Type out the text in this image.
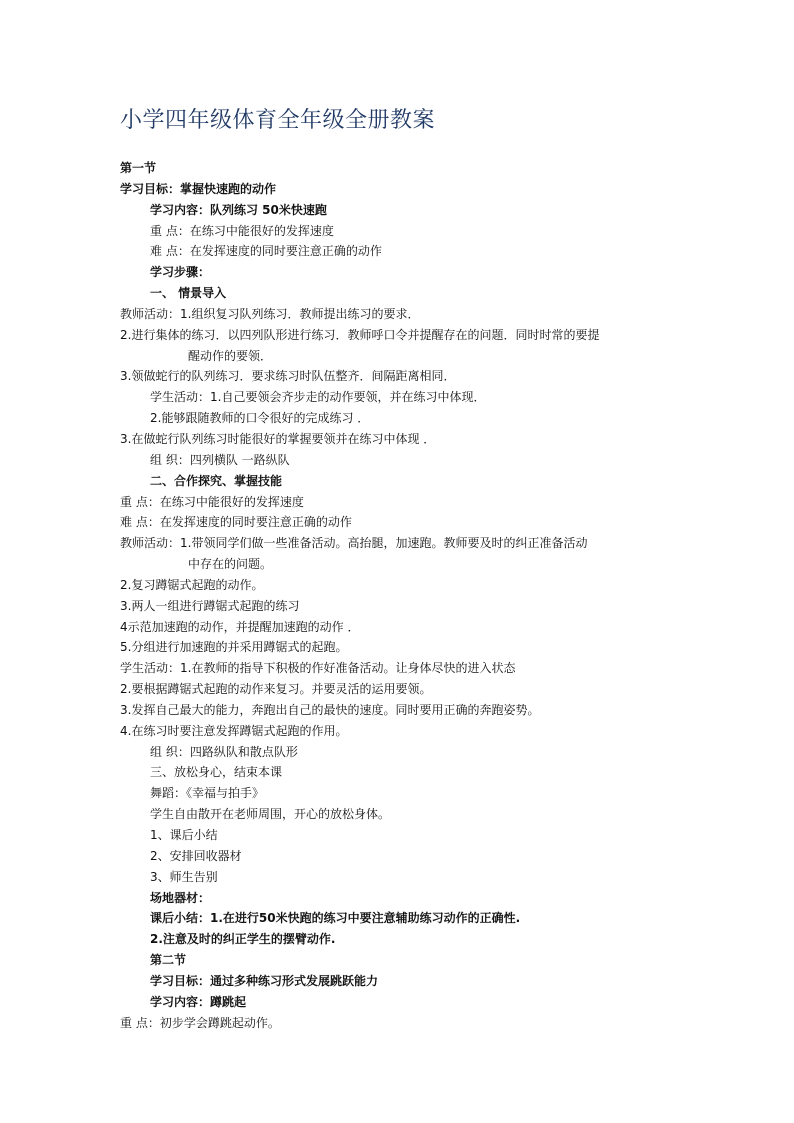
小学四年级体育全年级全册教案
第一节
学习目标：掌握快速跑的动作
学习内容：队列练习 50米快速跑
重 点：在练习中能很好的发挥速度
难 点：在发挥速度的同时要注意正确的动作
学习步骤：
一、 情景导入
教师活动：1.组织复习队列练习．教师提出练习的要求．
2.进行集体的练习．以四列队形进行练习．教师呼口令并提醒存在的问题．同时时常的要提
醒动作的要领．
3.领做蛇行的队列练习．要求练习时队伍整齐．间隔距离相同．
学生活动：1.自己要领会齐步走的动作要领，并在练习中体现．
2.能够跟随教师的口令很好的完成练习 ．
3.在做蛇行队列练习时能很好的掌握要领并在练习中体现 ．
组 织：四列横队 一路纵队
二、合作探究、掌握技能
重 点：在练习中能很好的发挥速度
难 点：在发挥速度的同时要注意正确的动作
教师活动：1.带领同学们做一些准备活动。高抬腿，加速跑。教师要及时的纠正准备活动
中存在的问题。
2.复习蹲锯式起跑的动作。
3.两人一组进行蹲锯式起跑的练习
4示范加速跑的动作，并提醒加速跑的动作 ．
5.分组进行加速跑的并采用蹲锯式的起跑。
学生活动：1.在教师的指导下积极的作好准备活动。让身体尽快的进入状态
2.要根据蹲锯式起跑的动作来复习。并要灵活的运用要领。
3.发挥自己最大的能力，奔跑出自己的最快的速度。同时要用正确的奔跑姿势。
4.在练习时要注意发挥蹲锯式起跑的作用。
组 织：四路纵队和散点队形
三、放松身心，结束本课
舞蹈：《幸福与拍手》
学生自由散开在老师周围，开心的放松身体。
1、课后小结
2、安排回收器材
3、师生告别
场地器材：
课后小结：1.在进行50米快跑的练习中要注意辅助练习动作的正确性.
2.注意及时的纠正学生的摆臂动作.
第二节
学习目标：通过多种练习形式发展跳跃能力
学习内容：蹲跳起
重 点：初步学会蹲跳起动作。
